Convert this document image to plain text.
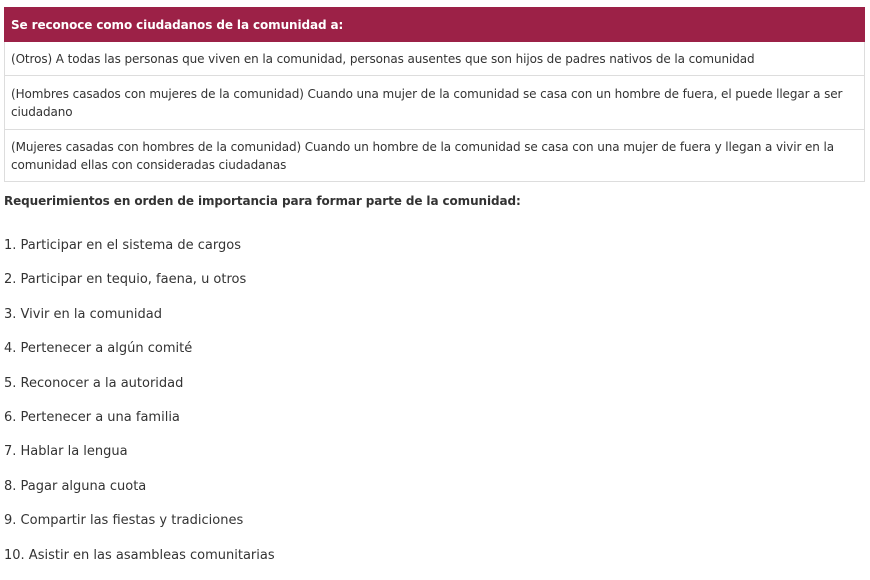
Se reconoce como ciudadanos de la comunidad a:
(Otros) A todas las personas que viven en la comunidad, personas ausentes que son hijos de padres nativos de la comunidad
(Hombres casados con mujeres de la comunidad) Cuando una mujer de la comunidad se casa con un hombre de fuera, el puede llegar a ser ciudadano
(Mujeres casadas con hombres de la comunidad) Cuando un hombre de la comunidad se casa con una mujer de fuera y llegan a vivir en la comunidad ellas con consideradas ciudadanas

Requerimientos en orden de importancia para formar parte de la comunidad:

1. Participar en el sistema de cargos
2. Participar en tequio, faena, u otros
3. Vivir en la comunidad
4. Pertenecer a algún comité
5. Reconocer a la autoridad
6. Pertenecer a una familia
7. Hablar la lengua
8. Pagar alguna cuota
9. Compartir las fiestas y tradiciones
10. Asistir en las asambleas comunitarias
